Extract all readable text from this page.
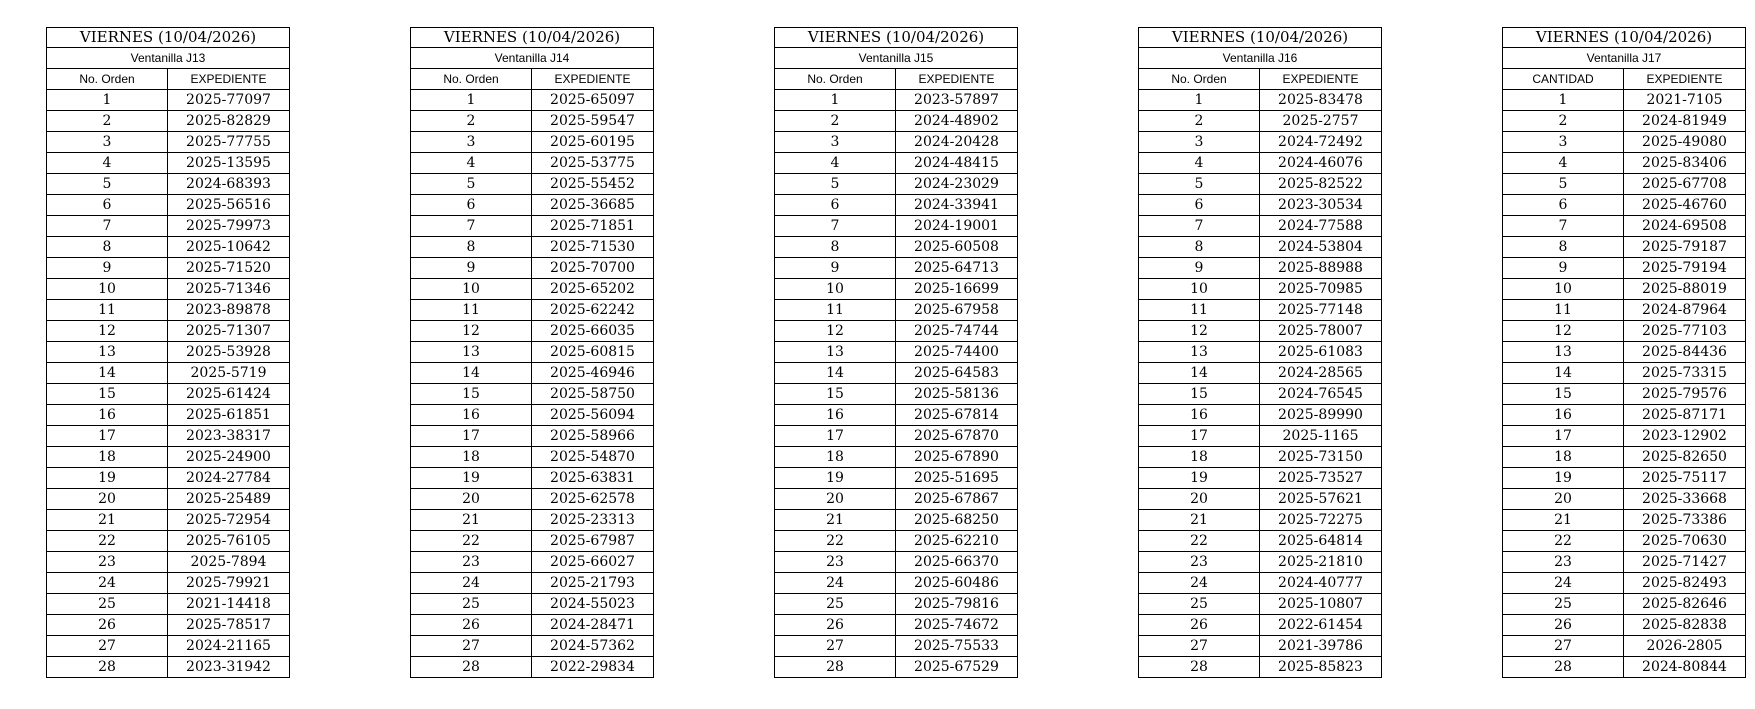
VIERNES (10/04/2026)	
Ventanilla J13	
No. Orden	EXPEDIENTE
1	2025-77097
2	2025-82829
3	2025-77755
4	2025-13595
5	2024-68393
6	2025-56516
7	2025-79973
8	2025-10642
9	2025-71520
10	2025-71346
11	2023-89878
12	2025-71307
13	2025-53928
14	2025-5719
15	2025-61424
16	2025-61851
17	2023-38317
18	2025-24900
19	2024-27784
20	2025-25489
21	2025-72954
22	2025-76105
23	2025-7894
24	2025-79921
25	2021-14418
26	2025-78517
27	2024-21165
28	2023-31942
VIERNES (10/04/2026)	
Ventanilla J14	
No. Orden	EXPEDIENTE
1	2025-65097
2	2025-59547
3	2025-60195
4	2025-53775
5	2025-55452
6	2025-36685
7	2025-71851
8	2025-71530
9	2025-70700
10	2025-65202
11	2025-62242
12	2025-66035
13	2025-60815
14	2025-46946
15	2025-58750
16	2025-56094
17	2025-58966
18	2025-54870
19	2025-63831
20	2025-62578
21	2025-23313
22	2025-67987
23	2025-66027
24	2025-21793
25	2024-55023
26	2024-28471
27	2024-57362
28	2022-29834
VIERNES (10/04/2026)	
Ventanilla J15	
No. Orden	EXPEDIENTE
1	2023-57897
2	2024-48902
3	2024-20428
4	2024-48415
5	2024-23029
6	2024-33941
7	2024-19001
8	2025-60508
9	2025-64713
10	2025-16699
11	2025-67958
12	2025-74744
13	2025-74400
14	2025-64583
15	2025-58136
16	2025-67814
17	2025-67870
18	2025-67890
19	2025-51695
20	2025-67867
21	2025-68250
22	2025-62210
23	2025-66370
24	2025-60486
25	2025-79816
26	2025-74672
27	2025-75533
28	2025-67529
VIERNES (10/04/2026)	
Ventanilla J16	
No. Orden	EXPEDIENTE
1	2025-83478
2	2025-2757
3	2024-72492
4	2024-46076
5	2025-82522
6	2023-30534
7	2024-77588
8	2024-53804
9	2025-88988
10	2025-70985
11	2025-77148
12	2025-78007
13	2025-61083
14	2024-28565
15	2024-76545
16	2025-89990
17	2025-1165
18	2025-73150
19	2025-73527
20	2025-57621
21	2025-72275
22	2025-64814
23	2025-21810
24	2024-40777
25	2025-10807
26	2022-61454
27	2021-39786
28	2025-85823
VIERNES (10/04/2026)	
Ventanilla J17	
CANTIDAD	EXPEDIENTE
1	2021-7105
2	2024-81949
3	2025-49080
4	2025-83406
5	2025-67708
6	2025-46760
7	2024-69508
8	2025-79187
9	2025-79194
10	2025-88019
11	2024-87964
12	2025-77103
13	2025-84436
14	2025-73315
15	2025-79576
16	2025-87171
17	2023-12902
18	2025-82650
19	2025-75117
20	2025-33668
21	2025-73386
22	2025-70630
23	2025-71427
24	2025-82493
25	2025-82646
26	2025-82838
27	2026-2805
28	2024-80844
